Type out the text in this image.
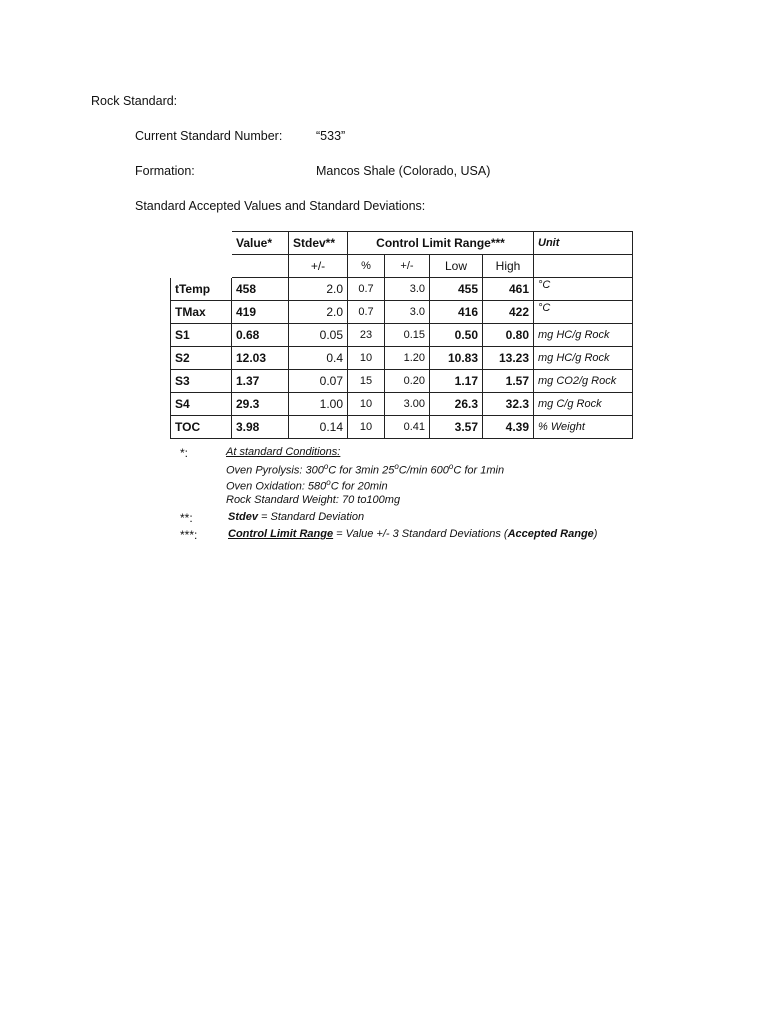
Rock Standard:
Current Standard Number:	“533”
Formation:	Mancos Shale (Colorado, USA)
Standard Accepted Values and Standard Deviations:
	Value*	Stdev**	Control Limit Range***				Unit
		+/-	%	+/-	Low	High	
tTemp	458	2.0	0.7	3.0	455	461	°C
TMax	419	2.0	0.7	3.0	416	422	°C
S1	0.68	0.05	23	0.15	0.50	0.80	mg HC/g Rock
S2	12.03	0.4	10	1.20	10.83	13.23	mg HC/g Rock
S3	1.37	0.07	15	0.20	1.17	1.57	mg CO2/g Rock
S4	29.3	1.00	10	3.00	26.3	32.3	mg C/g Rock
TOC	3.98	0.14	10	0.41	3.57	4.39	% Weight
*:	At standard Conditions:
Oven Pyrolysis: 300$^o$C for 3min 25$^o$C/min 600$^o$C for 1min
Oven Oxidation: 580$^o$C for 20min
Rock Standard Weight: 70 to100mg
**:	Stdev = Standard Deviation
***:	Control Limit Range = Value +/- 3 Standard Deviations (Accepted Range)
